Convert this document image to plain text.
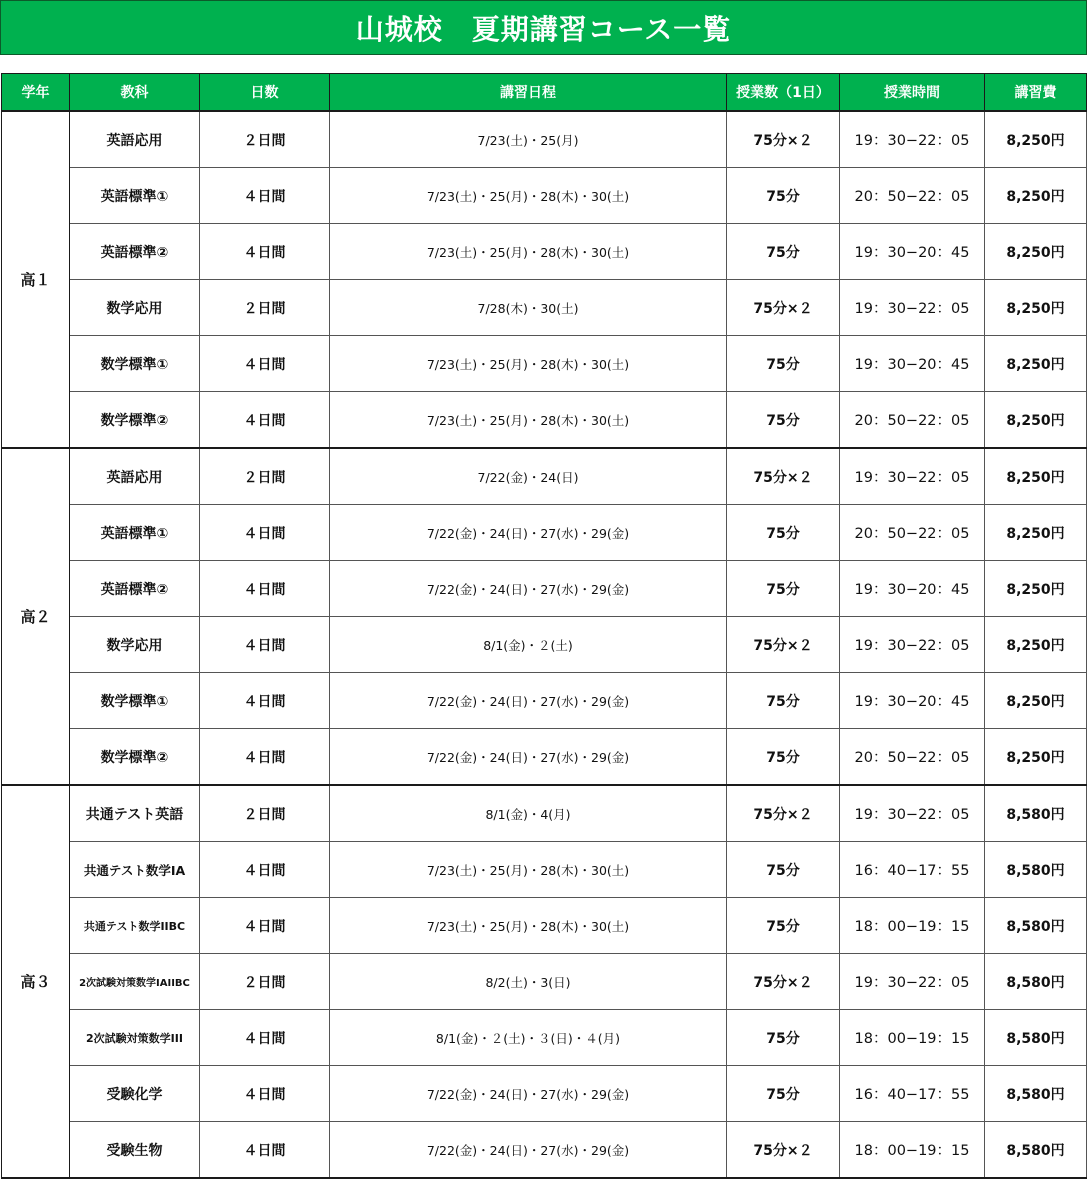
山城校　夏期講習コース一覧
学年	教科	日数	講習日程	授業数（1日）	授業時間	講習費
高１	英語応用	２日間	7/23(土)・25(月)	75分×２	19：30−22：05	8,250円
	英語標準①	４日間	7/23(土)・25(月)・28(木)・30(土)	75分	20：50−22：05	8,250円
	英語標準②	４日間	7/23(土)・25(月)・28(木)・30(土)	75分	19：30−20：45	8,250円
	数学応用	２日間	7/28(木)・30(土)	75分×２	19：30−22：05	8,250円
	数学標準①	４日間	7/23(土)・25(月)・28(木)・30(土)	75分	19：30−20：45	8,250円
	数学標準②	４日間	7/23(土)・25(月)・28(木)・30(土)	75分	20：50−22：05	8,250円
高２	英語応用	２日間	7/22(金)・24(日)	75分×２	19：30−22：05	8,250円
	英語標準①	４日間	7/22(金)・24(日)・27(水)・29(金)	75分	20：50−22：05	8,250円
	英語標準②	４日間	7/22(金)・24(日)・27(水)・29(金)	75分	19：30−20：45	8,250円
	数学応用	４日間	8/1(金)・２(土)	75分×２	19：30−22：05	8,250円
	数学標準①	４日間	7/22(金)・24(日)・27(水)・29(金)	75分	19：30−20：45	8,250円
	数学標準②	４日間	7/22(金)・24(日)・27(水)・29(金)	75分	20：50−22：05	8,250円
高３	共通テスト英語	２日間	8/1(金)・4(月)	75分×２	19：30−22：05	8,580円
	共通テスト数学IA	４日間	7/23(土)・25(月)・28(木)・30(土)	75分	16：40−17：55	8,580円
	共通テスト数学IIBC	４日間	7/23(土)・25(月)・28(木)・30(土)	75分	18：00−19：15	8,580円
	2次試験対策数学IAIIBC	２日間	8/2(土)・3(日)	75分×２	19：30−22：05	8,580円
	2次試験対策数学III	４日間	8/1(金)・２(土)・３(日)・４(月)	75分	18：00−19：15	8,580円
	受験化学	４日間	7/22(金)・24(日)・27(水)・29(金)	75分	16：40−17：55	8,580円
	受験生物	４日間	7/22(金)・24(日)・27(水)・29(金)	75分×２	18：00−19：15	8,580円
